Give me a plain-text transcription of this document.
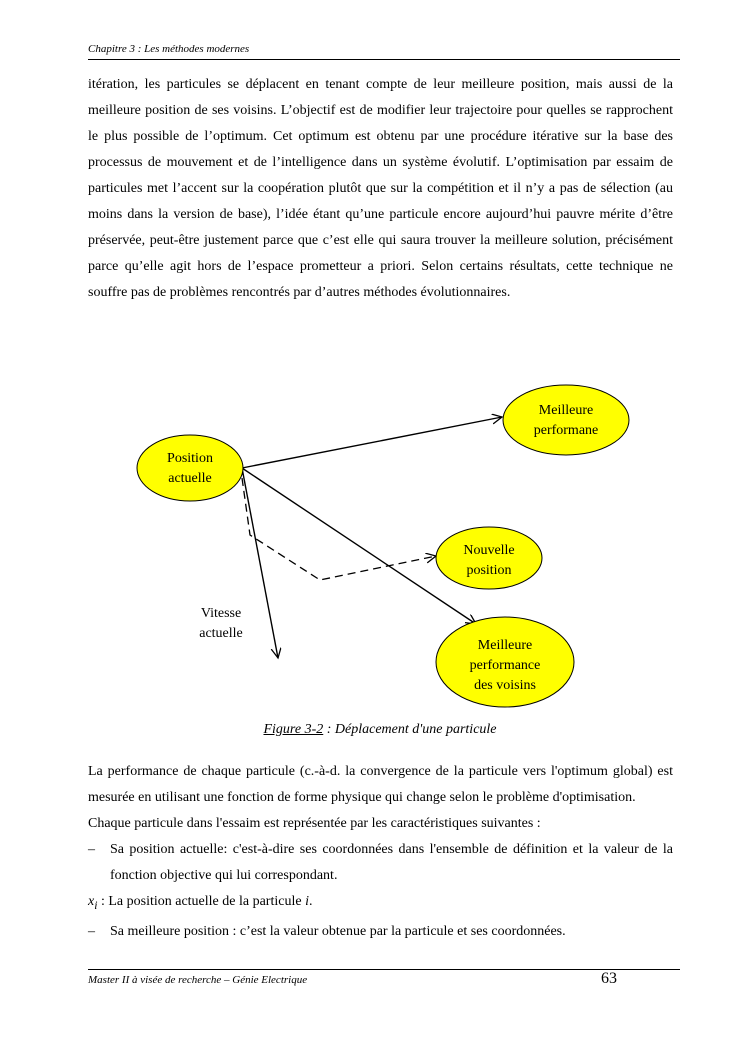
Chapitre 3 : Les méthodes modernes
itération, les particules se déplacent en tenant compte de leur meilleure position, mais aussi de la meilleure position de ses voisins. L’objectif est de modifier leur trajectoire pour quelles se rapprochent le plus possible de l’optimum. Cet optimum est obtenu par une procédure itérative sur la base des processus de mouvement et de l’intelligence dans un système évolutif. L’optimisation par essaim de particules met l’accent sur la coopération plutôt que sur la compétition et il n’y a pas de sélection (au moins dans la version de base), l’idée étant qu’une particule encore aujourd’hui pauvre mérite d’être préservée, peut-être justement parce que c’est elle qui saura trouver la meilleure solution, précisément parce qu’elle agit hors de l’espace prometteur a priori. Selon certains résultats, cette technique ne souffre pas de problèmes rencontrés par d’autres méthodes évolutionnaires.
Position
actuelle
Meilleure
performane
Nouvelle
position
Meilleure
performance
des voisins
Vitesse
actuelle
Figure 3-2 : Déplacement d'une particule

La performance de chaque particule (c.-à-d. la convergence de la particule vers l'optimum global) est mesurée en utilisant une fonction de forme physique qui change selon le problème d'optimisation.

Chaque particule dans l'essaim est représentée par les caractéristiques suivantes :

– Sa position actuelle: c'est-à-dire ses coordonnées dans l'ensemble de définition et la valeur de la fonction objective qui lui correspondant.

$x_i$ : La position actuelle de la particule i.

– Sa meilleure position : c’est la valeur obtenue par la particule et ses coordonnées.

Master II à visée de recherche – Génie Electrique	63
